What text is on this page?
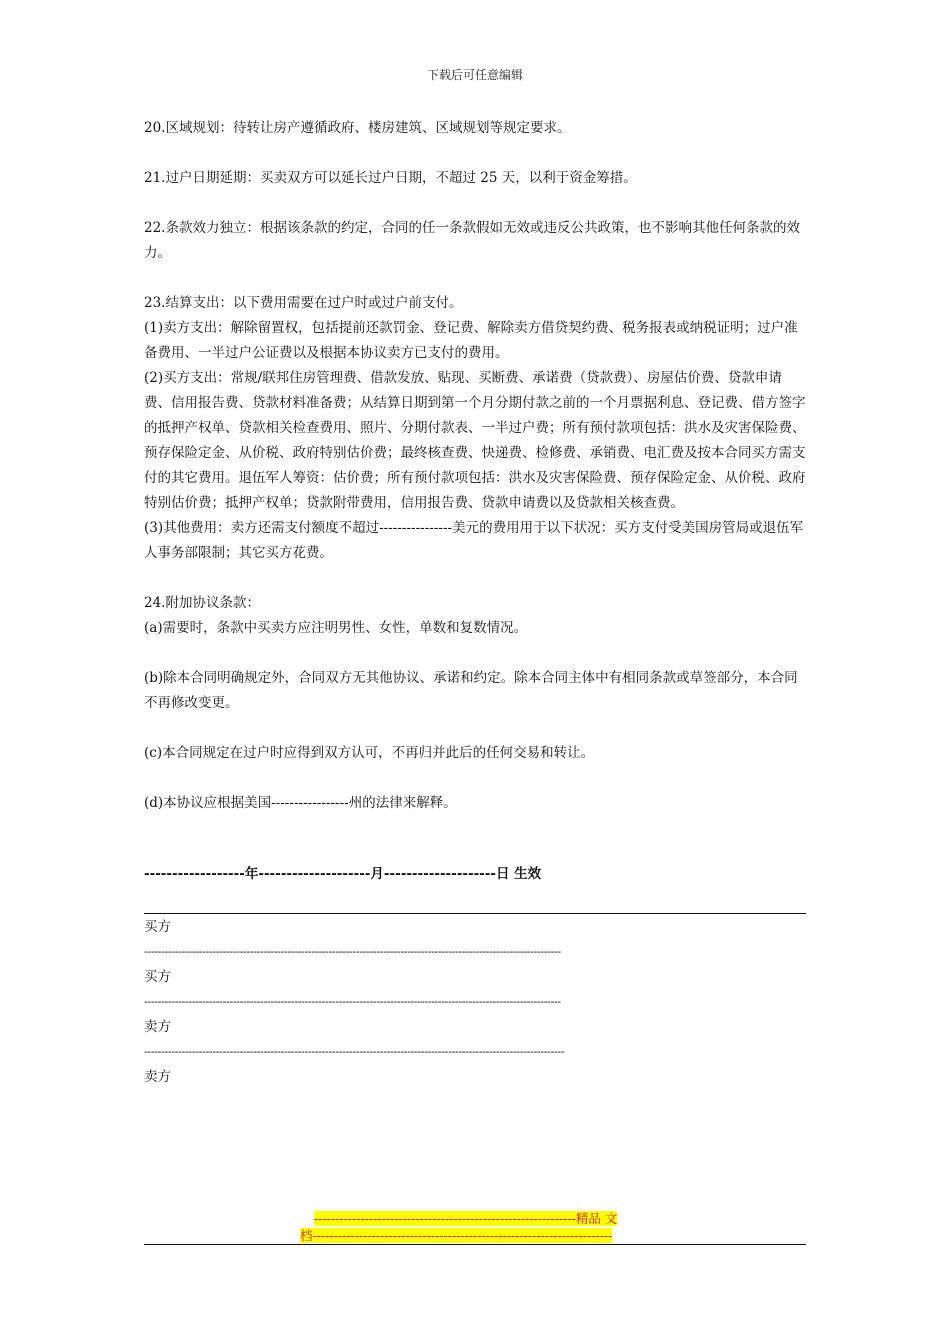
下载后可任意编辑

20.区域规划：待转让房产遵循政府、楼房建筑、区域规划等规定要求。

21.过户日期延期：买卖双方可以延长过户日期，不超过 25 天，以利于资金筹措。

22.条款效力独立：根据该条款的约定，合同的任一条款假如无效或违反公共政策，也不影响其他任何条款的效力。

23.结算支出：以下费用需要在过户时或过户前支付。

(1)卖方支出：解除留置权，包括提前还款罚金、登记费、解除卖方借贷契约费、税务报表或纳税证明；过户准备费用、一半过户公证费以及根据本协议卖方已支付的费用。

(2)买方支出：常规/联邦住房管理费、借款发放、贴现、买断费、承诺费（贷款费）、房屋估价费、贷款申请费、信用报告费、贷款材料准备费；从结算日期到第一个月分期付款之前的一个月票据利息、登记费、借方签字的抵押产权单、贷款相关检查费用、照片、分期付款表、一半过户费；所有预付款项包括：洪水及灾害保险费、预存保险定金、从价税、政府特别估价费；最终核查费、快递费、检修费、承销费、电汇费及按本合同买方需支付的其它费用。退伍军人筹资：估价费；所有预付款项包括：洪水及灾害保险费、预存保险定金、从价税、政府特别估价费；抵押产权单；贷款附带费用，信用报告费、贷款申请费以及贷款相关核查费。

(3)其他费用：卖方还需支付额度不超过----------------美元的费用用于以下状况：买方支付受美国房管局或退伍军人事务部限制；其它买方花费。

24.附加协议条款：

(a)需要时，条款中买卖方应注明男性、女性，单数和复数情况。

(b)除本合同明确规定外，合同双方无其他协议、承诺和约定。除本合同主体中有相同条款或草签部分，本合同不再修改变更。

(c)本合同规定在过户时应得到双方认可，不再归并此后的任何交易和转让。

(d)本协议应根据美国-----------------州的法律来解释。

------------------年--------------------月--------------------日 生效
买方
--------------------------------------------------------------------------------------------------------------------------
买方
--------------------------------------------------------------------------------------------------------------------------
卖方
---------------------------------------------------------------------------------------------------------------------------
卖方
--------------------------------------------------------------精品 文
档-----------------------------------------------------------------------
